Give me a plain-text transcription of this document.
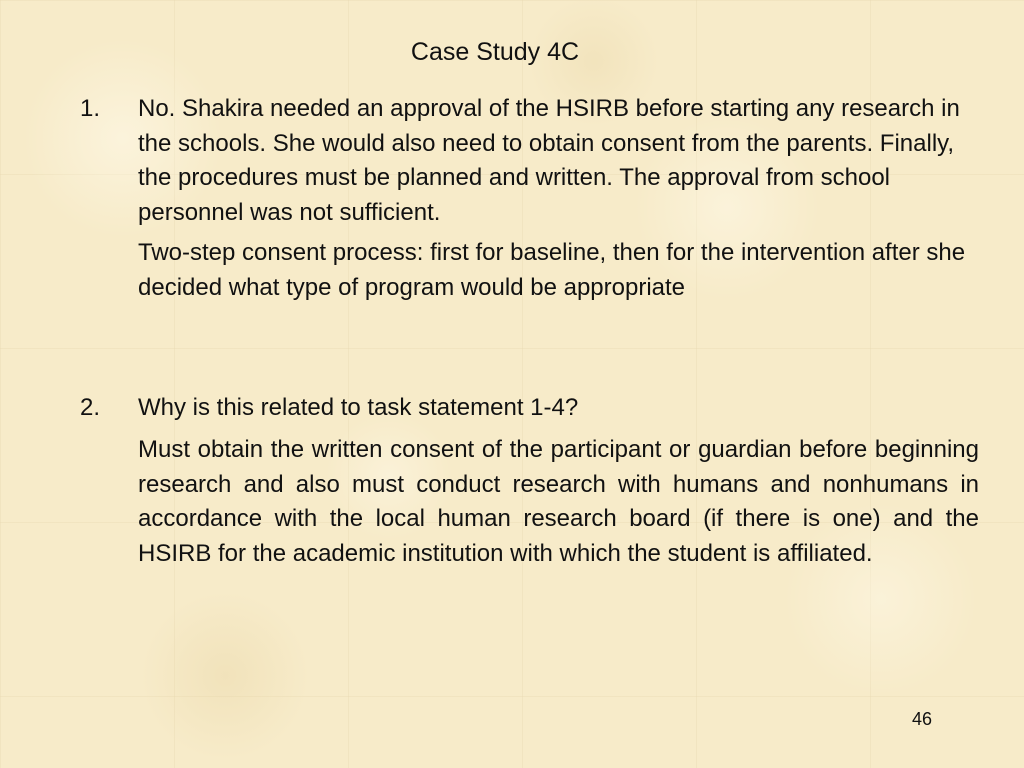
Case Study 4C
1. No. Shakira needed an approval of the HSIRB before starting any research in the schools. She would also need to obtain consent from the parents. Finally, the procedures must be planned and written. The approval from school personnel was not sufficient.

Two-step consent process: first for baseline, then for the intervention after she decided what type of program would be appropriate

2. Why is this related to task statement 1-4?

Must obtain the written consent of the participant or guardian before beginning research and also must conduct research with humans and nonhumans in accordance with the local human research board (if there is one) and the HSIRB for the academic institution with which the student is affiliated.

46
